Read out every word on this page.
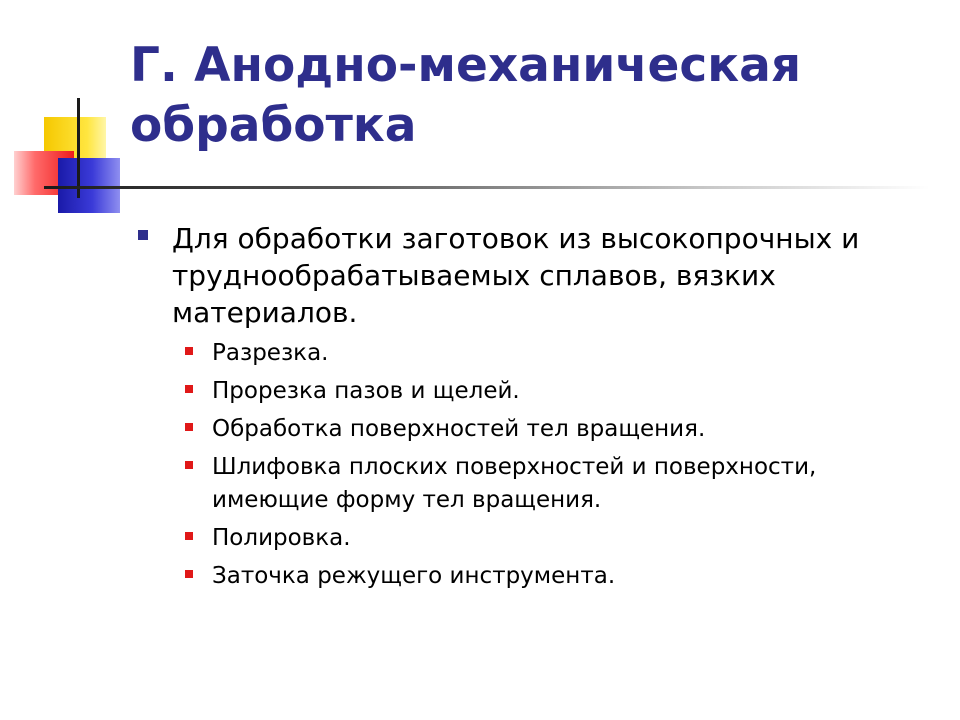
Г. Анодно-механическая обработка
Для обработки заготовок из высокопрочных и труднообрабатываемых сплавов, вязких материалов.
Разрезка.
Прорезка пазов и щелей.
Обработка поверхностей тел вращения.
Шлифовка плоских поверхностей и поверхности, имеющие форму тел вращения.
Полировка.
Заточка режущего инструмента.
